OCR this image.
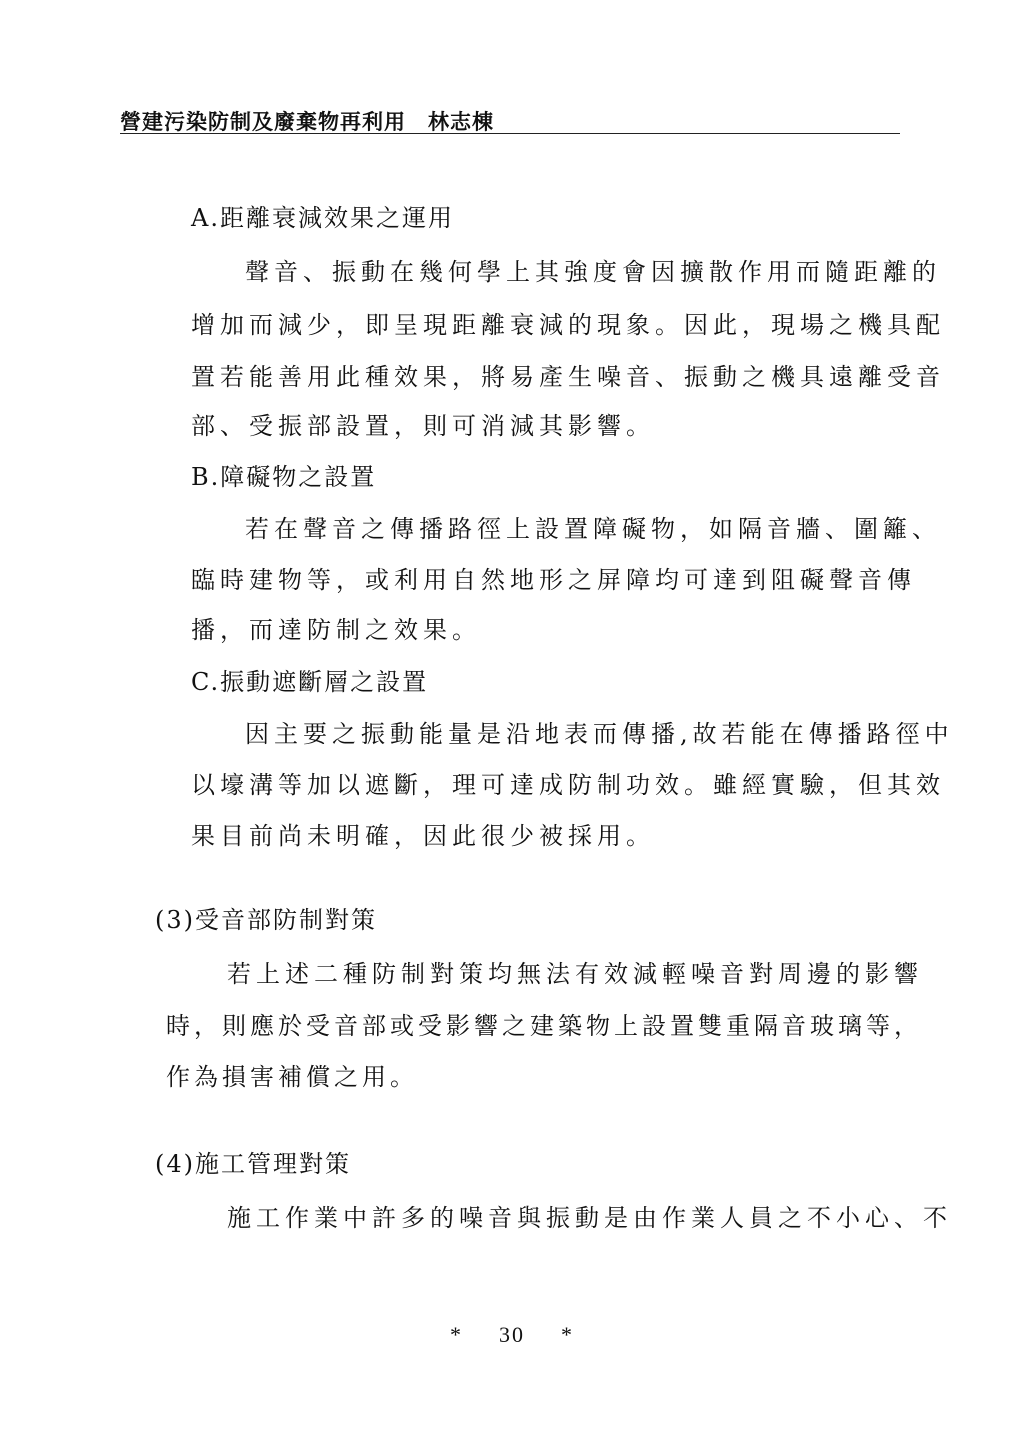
營建污染防制及廢棄物再利用 林志棟
A.距離衰減效果之運用
聲音、振動在幾何學上其強度會因擴散作用而隨距離的
增加而減少，即呈現距離衰減的現象。因此，現場之機具配
置若能善用此種效果，將易產生噪音、振動之機具遠離受音
部、受振部設置，則可消減其影響。
B.障礙物之設置
若在聲音之傳播路徑上設置障礙物，如隔音牆、圍籬、
臨時建物等，或利用自然地形之屏障均可達到阻礙聲音傳
播，而達防制之效果。
C.振動遮斷層之設置
因主要之振動能量是沿地表而傳播,故若能在傳播路徑中
以壕溝等加以遮斷，理可達成防制功效。雖經實驗，但其效
果目前尚未明確，因此很少被採用。
(3)受音部防制對策
若上述二種防制對策均無法有效減輕噪音對周邊的影響
時，則應於受音部或受影響之建築物上設置雙重隔音玻璃等，
作為損害補償之用。
(4)施工管理對策
施工作業中許多的噪音與振動是由作業人員之不小心、不
* 30 *
